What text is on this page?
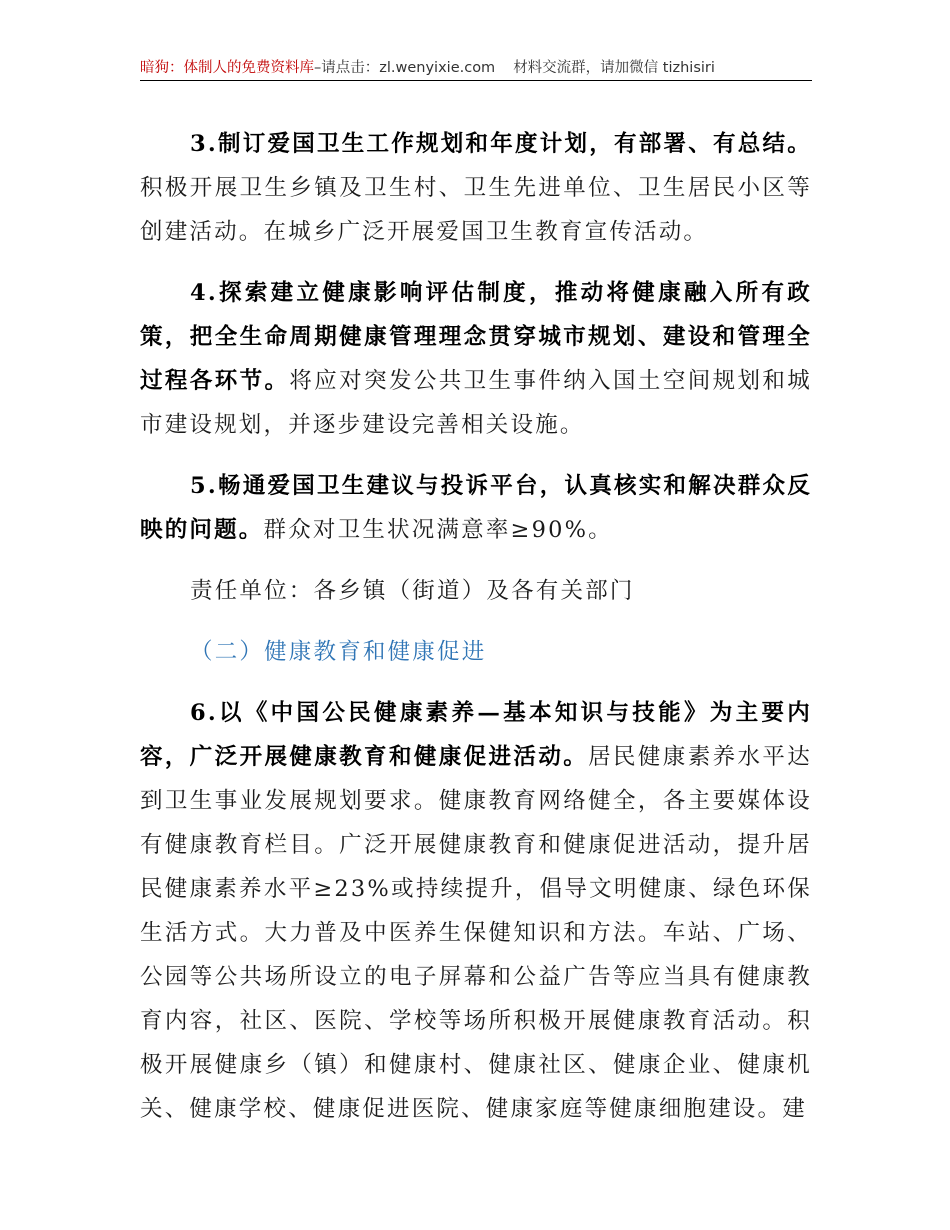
暗狗：体制人的免费资料库–请点击：zl.wenyixie.com 材料交流群，请加微信 tizhisiri

3.制订爱国卫生工作规划和年度计划，有部署、有总结。积极开展卫生乡镇及卫生村、卫生先进单位、卫生居民小区等创建活动。在城乡广泛开展爱国卫生教育宣传活动。

4.探索建立健康影响评估制度，推动将健康融入所有政策，把全生命周期健康管理理念贯穿城市规划、建设和管理全过程各环节。将应对突发公共卫生事件纳入国土空间规划和城市建设规划，并逐步建设完善相关设施。

5.畅通爱国卫生建议与投诉平台，认真核实和解决群众反映的问题。群众对卫生状况满意率≥90%。

责任单位：各乡镇（街道）及各有关部门

（二）健康教育和健康促进

6.以《中国公民健康素养—基本知识与技能》为主要内容，广泛开展健康教育和健康促进活动。居民健康素养水平达到卫生事业发展规划要求。健康教育网络健全，各主要媒体设有健康教育栏目。广泛开展健康教育和健康促进活动，提升居民健康素养水平≥23%或持续提升，倡导文明健康、绿色环保生活方式。大力普及中医养生保健知识和方法。车站、广场、公园等公共场所设立的电子屏幕和公益广告等应当具有健康教育内容，社区、医院、学校等场所积极开展健康教育活动。积极开展健康乡（镇）和健康村、健康社区、健康企业、健康机关、健康学校、健康促进医院、健康家庭等健康细胞建设。建
